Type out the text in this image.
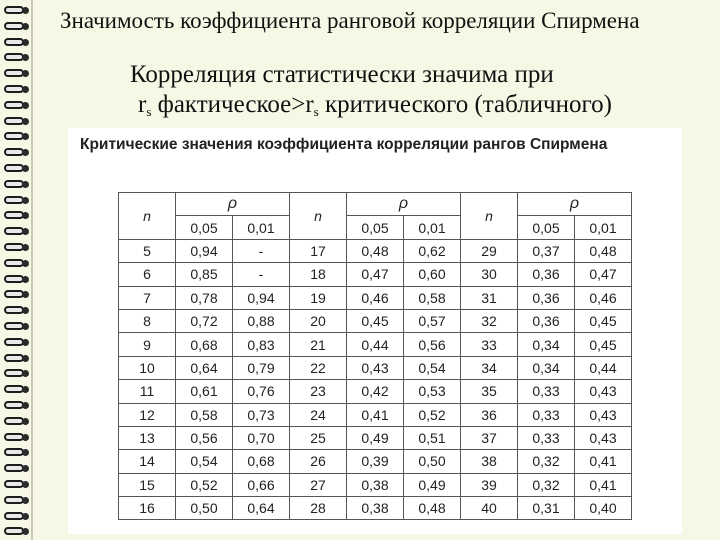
Значимость коэффициента ранговой корреляции Спирмена
Корреляция статистически значима при
$r_s$ $фактическое>r_s$ критического (табличного)
Критические значения коэффициента корреляции рангов Спирмена
n	ρ		n	ρ		n	ρ	
	0,05	0,01		0,05	0,01		0,05	0,01
5	0,94	-	17	0,48	0,62	29	0,37	0,48
6	0,85	-	18	0,47	0,60	30	0,36	0,47
7	0,78	0,94	19	0,46	0,58	31	0,36	0,46
8	0,72	0,88	20	0,45	0,57	32	0,36	0,45
9	0,68	0,83	21	0,44	0,56	33	0,34	0,45
10	0,64	0,79	22	0,43	0,54	34	0,34	0,44
11	0,61	0,76	23	0,42	0,53	35	0,33	0,43
12	0,58	0,73	24	0,41	0,52	36	0,33	0,43
13	0,56	0,70	25	0,49	0,51	37	0,33	0,43
14	0,54	0,68	26	0,39	0,50	38	0,32	0,41
15	0,52	0,66	27	0,38	0,49	39	0,32	0,41
16	0,50	0,64	28	0,38	0,48	40	0,31	0,40
